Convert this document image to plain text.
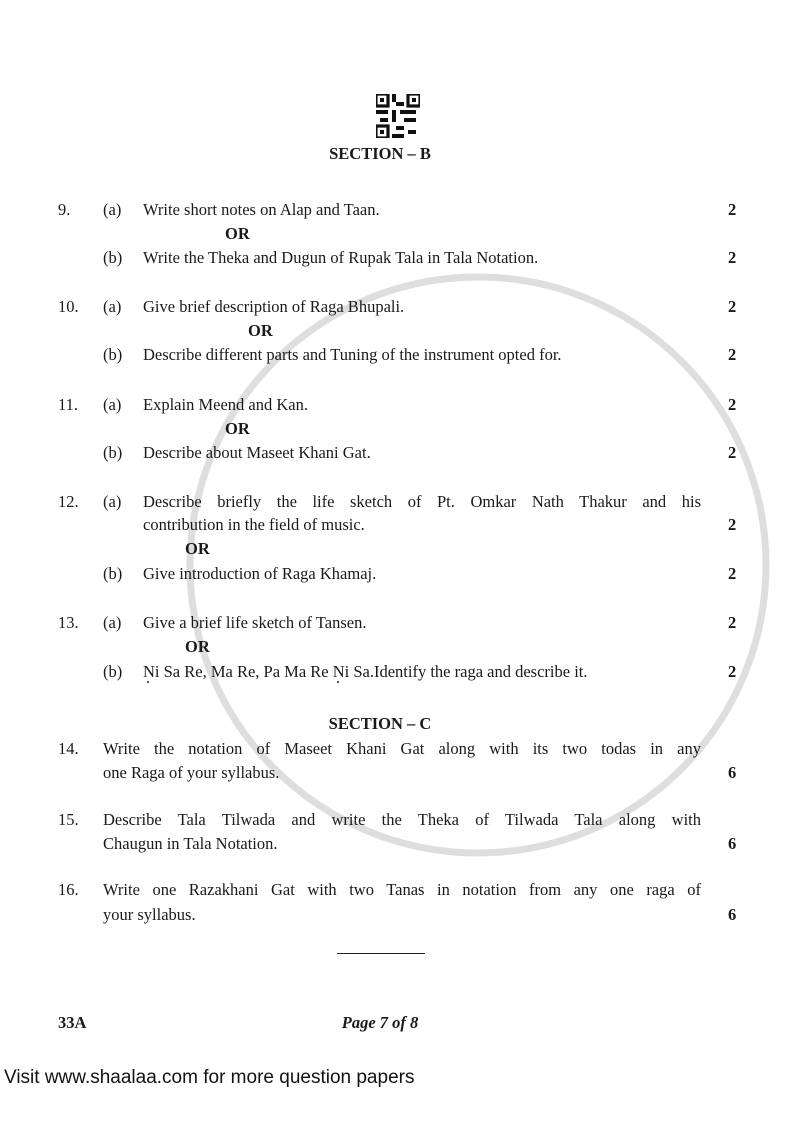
SECTION – B
9. (a) Write short notes on Alap and Taan.	2
OR
(b) Write the Theka and Dugun of Rupak Tala in Tala Notation.	2
10. (a) Give brief description of Raga Bhupali.	2
OR
(b) Describe different parts and Tuning of the instrument opted for.	2
11. (a) Explain Meend and Kan.	2
OR
(b) Describe about Maseet Khani Gat.	2
12. (a) Describe briefly the life sketch of Pt. Omkar Nath Thakur and his
contribution in the field of music.	2
OR
(b) Give introduction of Raga Khamaj.	2
13. (a) Give a brief life sketch of Tansen.	2
OR
(b) Ni Sa Re, Ma Re, Pa Ma Re Ni Sa.Identify the raga and describe it.	2
SECTION – C
14. Write the notation of Maseet Khani Gat along with its two todas in any
one Raga of your syllabus.	6
15. Describe Tala Tilwada and write the Theka of Tilwada Tala along with
Chaugun in Tala Notation.	6
16. Write one Razakhani Gat with two Tanas in notation from any one raga of
your syllabus.	6
33A	Page 7 of 8
Visit www.shaalaa.com for more question papers
